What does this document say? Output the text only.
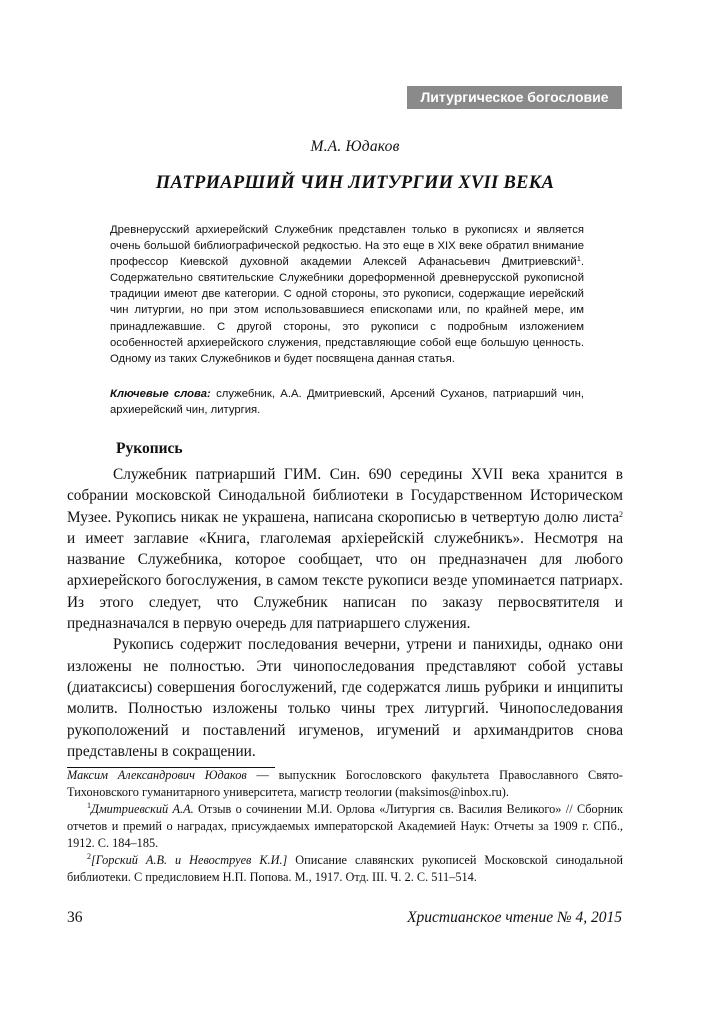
Литургическое богословие
М.А. Юдаков
ПАТРИАРШИЙ ЧИН ЛИТУРГИИ XVII ВЕКА

Древнерусский архиерейский Служебник представлен только в рукописях и является очень большой библиографической редкостью. На это еще в XIX веке обратил внимание профессор Киевской духовной академии Алексей Афанасьевич Дмитриевский$^1$. Содержательно святительские Служебники дореформенной древнерусской рукописной традиции имеют две категории. С одной стороны, это рукописи, содержащие иерейский чин литургии, но при этом использовавшиеся епископами или, по крайней мере, им принадлежавшие. С другой стороны, это рукописи с подробным изложением особенностей архиерейского служения, представляющие собой еще большую ценность. Одному из таких Служебников и будет посвящена данная статья.

Ключевые слова: служебник, А.А. Дмитриевский, Арсений Суханов, патриарший чин, архиерейский чин, литургия.
Рукопись

Служебник патриарший ГИМ. Син. 690 середины XVII века хранится в собрании московской Синодальной библиотеки в Государственном Историческом Музее. Рукопись никак не украшена, написана скорописью в четвертую долю листа$^2$ и имеет заглавие «Книга, глаголемая архіерейскій служебникъ». Несмотря на название Служебника, которое сообщает, что он предназначен для любого архиерейского богослужения, в самом тексте рукописи везде упоминается патриарх. Из этого следует, что Служебник написан по заказу первосвятителя и предназначался в первую очередь для патриаршего служения.

Рукопись содержит последования вечерни, утрени и панихиды, однако они изложены не полностью. Эти чинопоследования представляют собой уставы (диатаксисы) совершения богослужений, где содержатся лишь рубрики и инципиты молитв. Полностью изложены только чины трех литургий. Чинопоследования рукоположений и поставлений игуменов, игумений и архимандритов снова представлены в сокращении.

Максим Александрович Юдаков — выпускник Богословского факультета Православного Свято-Тихоновского гуманитарного университета, магистр теологии (maksimos@inbox.ru).

$^1$Дмитриевский А.А. Отзыв о сочинении М.И. Орлова «Литургия св. Василия Великого» // Сборник отчетов и премий о наградах, присуждаемых императорской Академией Наук: Отчеты за 1909 г. СПб., 1912. С. 184–185.

$^2$[Горский А.В. и Невоструев К.И.] Описание славянских рукописей Московской синодальной библиотеки. С предисловием Н.П. Попова. М., 1917. Отд. III. Ч. 2. С. 511–514.

36	Христианское чтение № 4, 2015
